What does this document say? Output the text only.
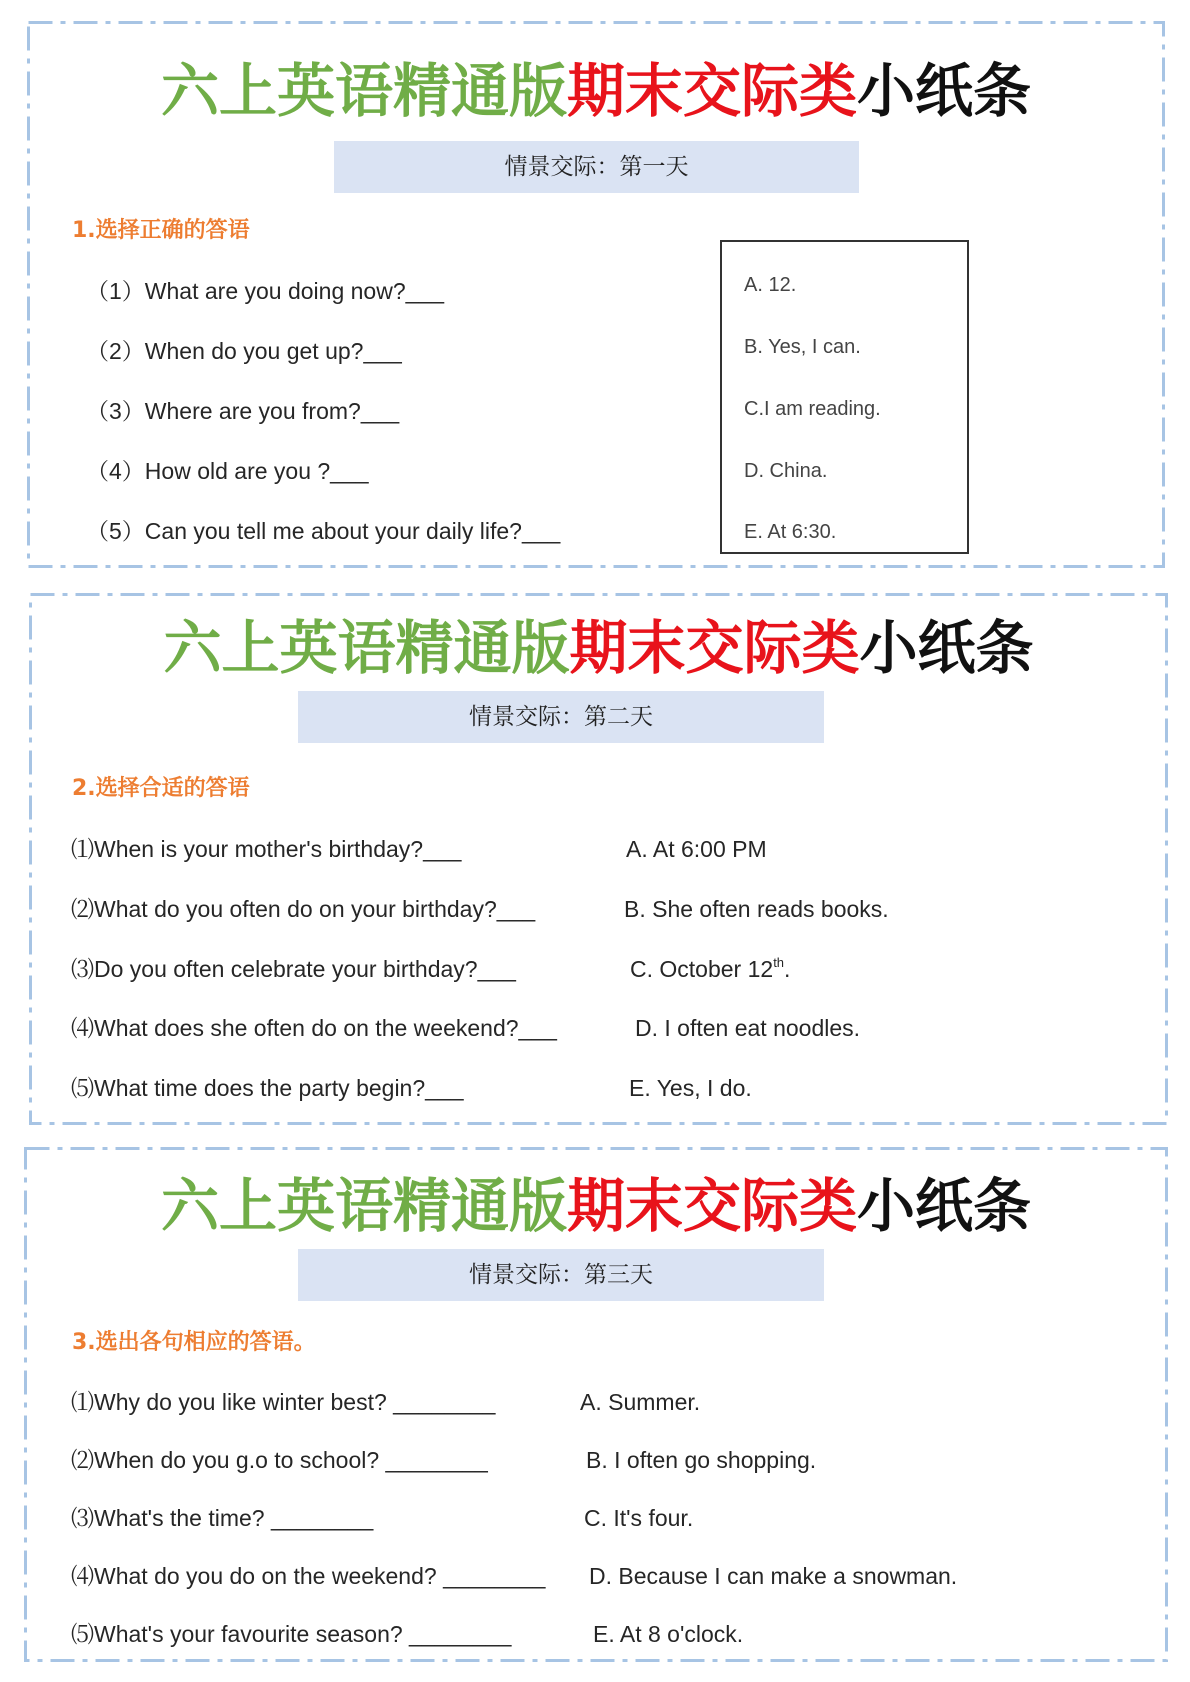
六上英语精通版期末交际类小纸条
情景交际：第一天
1.选择正确的答语
（1）What are you doing now?___
（2）When do you get up?___
（3）Where are you from?___
（4）How old are you ?___
（5）Can you tell me about your daily life?___
A. 12.
B. Yes, I can.
C.I am reading.
D. China.
E. At 6:30.
六上英语精通版期末交际类小纸条
情景交际：第二天
2.选择合适的答语
⑴When is your mother's birthday?___
⑵What do you often do on your birthday?___
⑶Do you often celebrate your birthday?___
⑷What does she often do on the weekend?___
⑸What time does the party begin?___
A. At 6:00 PM
B. She often reads books.
C. October 12th.
D. I often eat noodles.
E. Yes, I do.
六上英语精通版期末交际类小纸条
情景交际：第三天
3.选出各句相应的答语。
⑴Why do you like winter best? ________
⑵When do you g.o to school? ________
⑶What's the time? ________
⑷What do you do on the weekend? ________
⑸What's your favourite season? ________
A. Summer.
B. I often go shopping.
C. It's four.
D. Because I can make a snowman.
E. At 8 o'clock.
